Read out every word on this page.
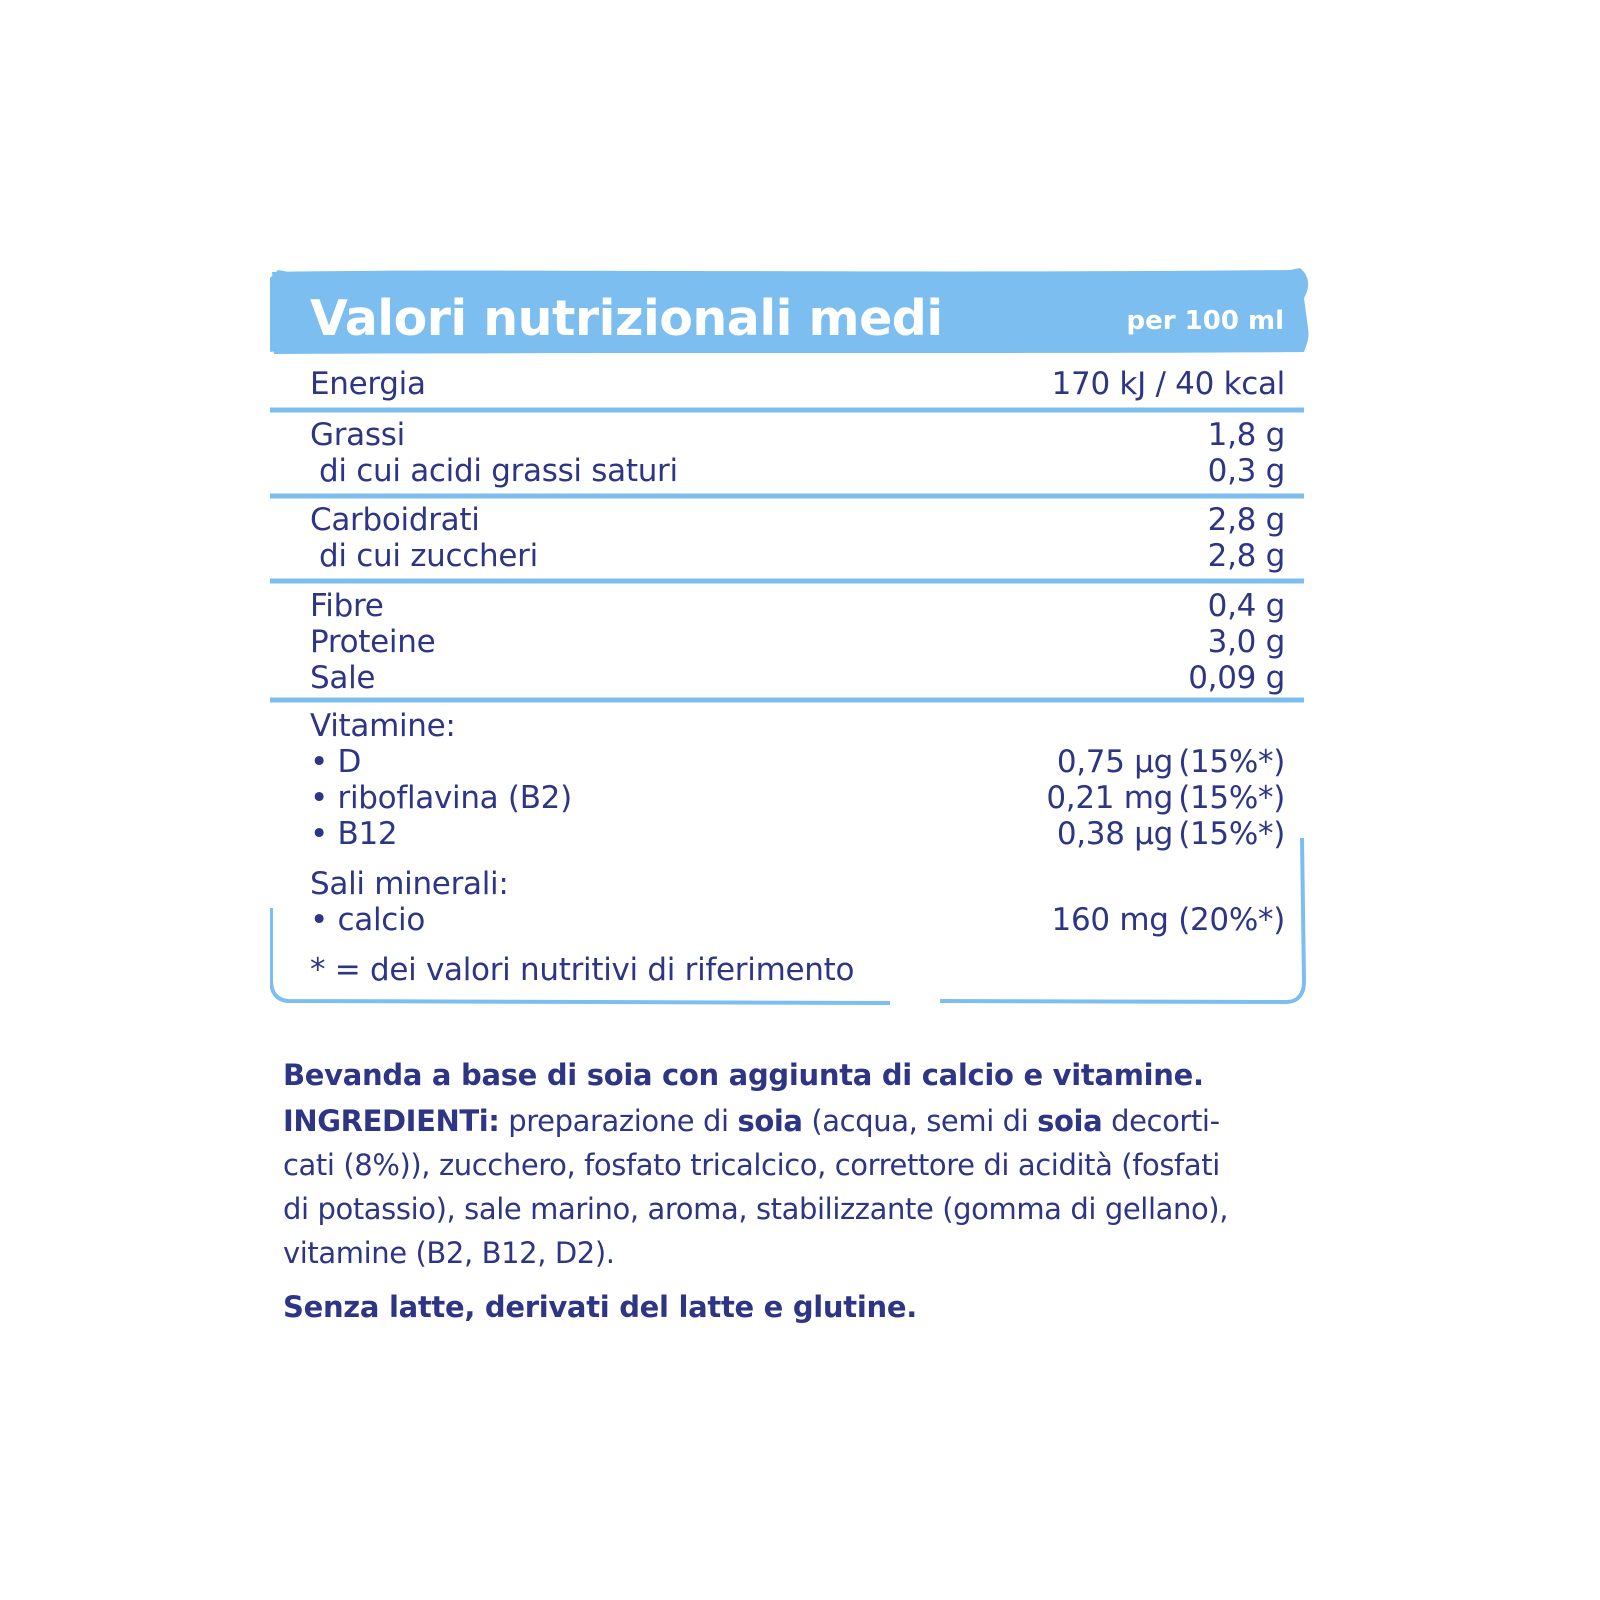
Valori nutrizionali medi	per 100 ml
Energia	170 kJ / 40 kcal
Grassi	1,8 g
di cui acidi grassi saturi	0,3 g
Carboidrati	2,8 g
di cui zuccheri	2,8 g
Fibre	0,4 g
Proteine	3,0 g
Sale	0,09 g
Vitamine:
• D	0,75 µg (15%*)
• riboflavina (B2)	0,21 mg (15%*)
• B12	0,38 µg (15%*)
Sali minerali:
• calcio	160 mg (20%*)
* = dei valori nutritivi di riferimento
Bevanda a base di soia con aggiunta di calcio e vitamine.
INGREDIENTi: preparazione di soia (acqua, semi di soia decorti-
cati (8%)), zucchero, fosfato tricalcico, correttore di acidità (fosfati
di potassio), sale marino, aroma, stabilizzante (gomma di gellano),
vitamine (B2, B12, D2).
Senza latte, derivati del latte e glutine.
